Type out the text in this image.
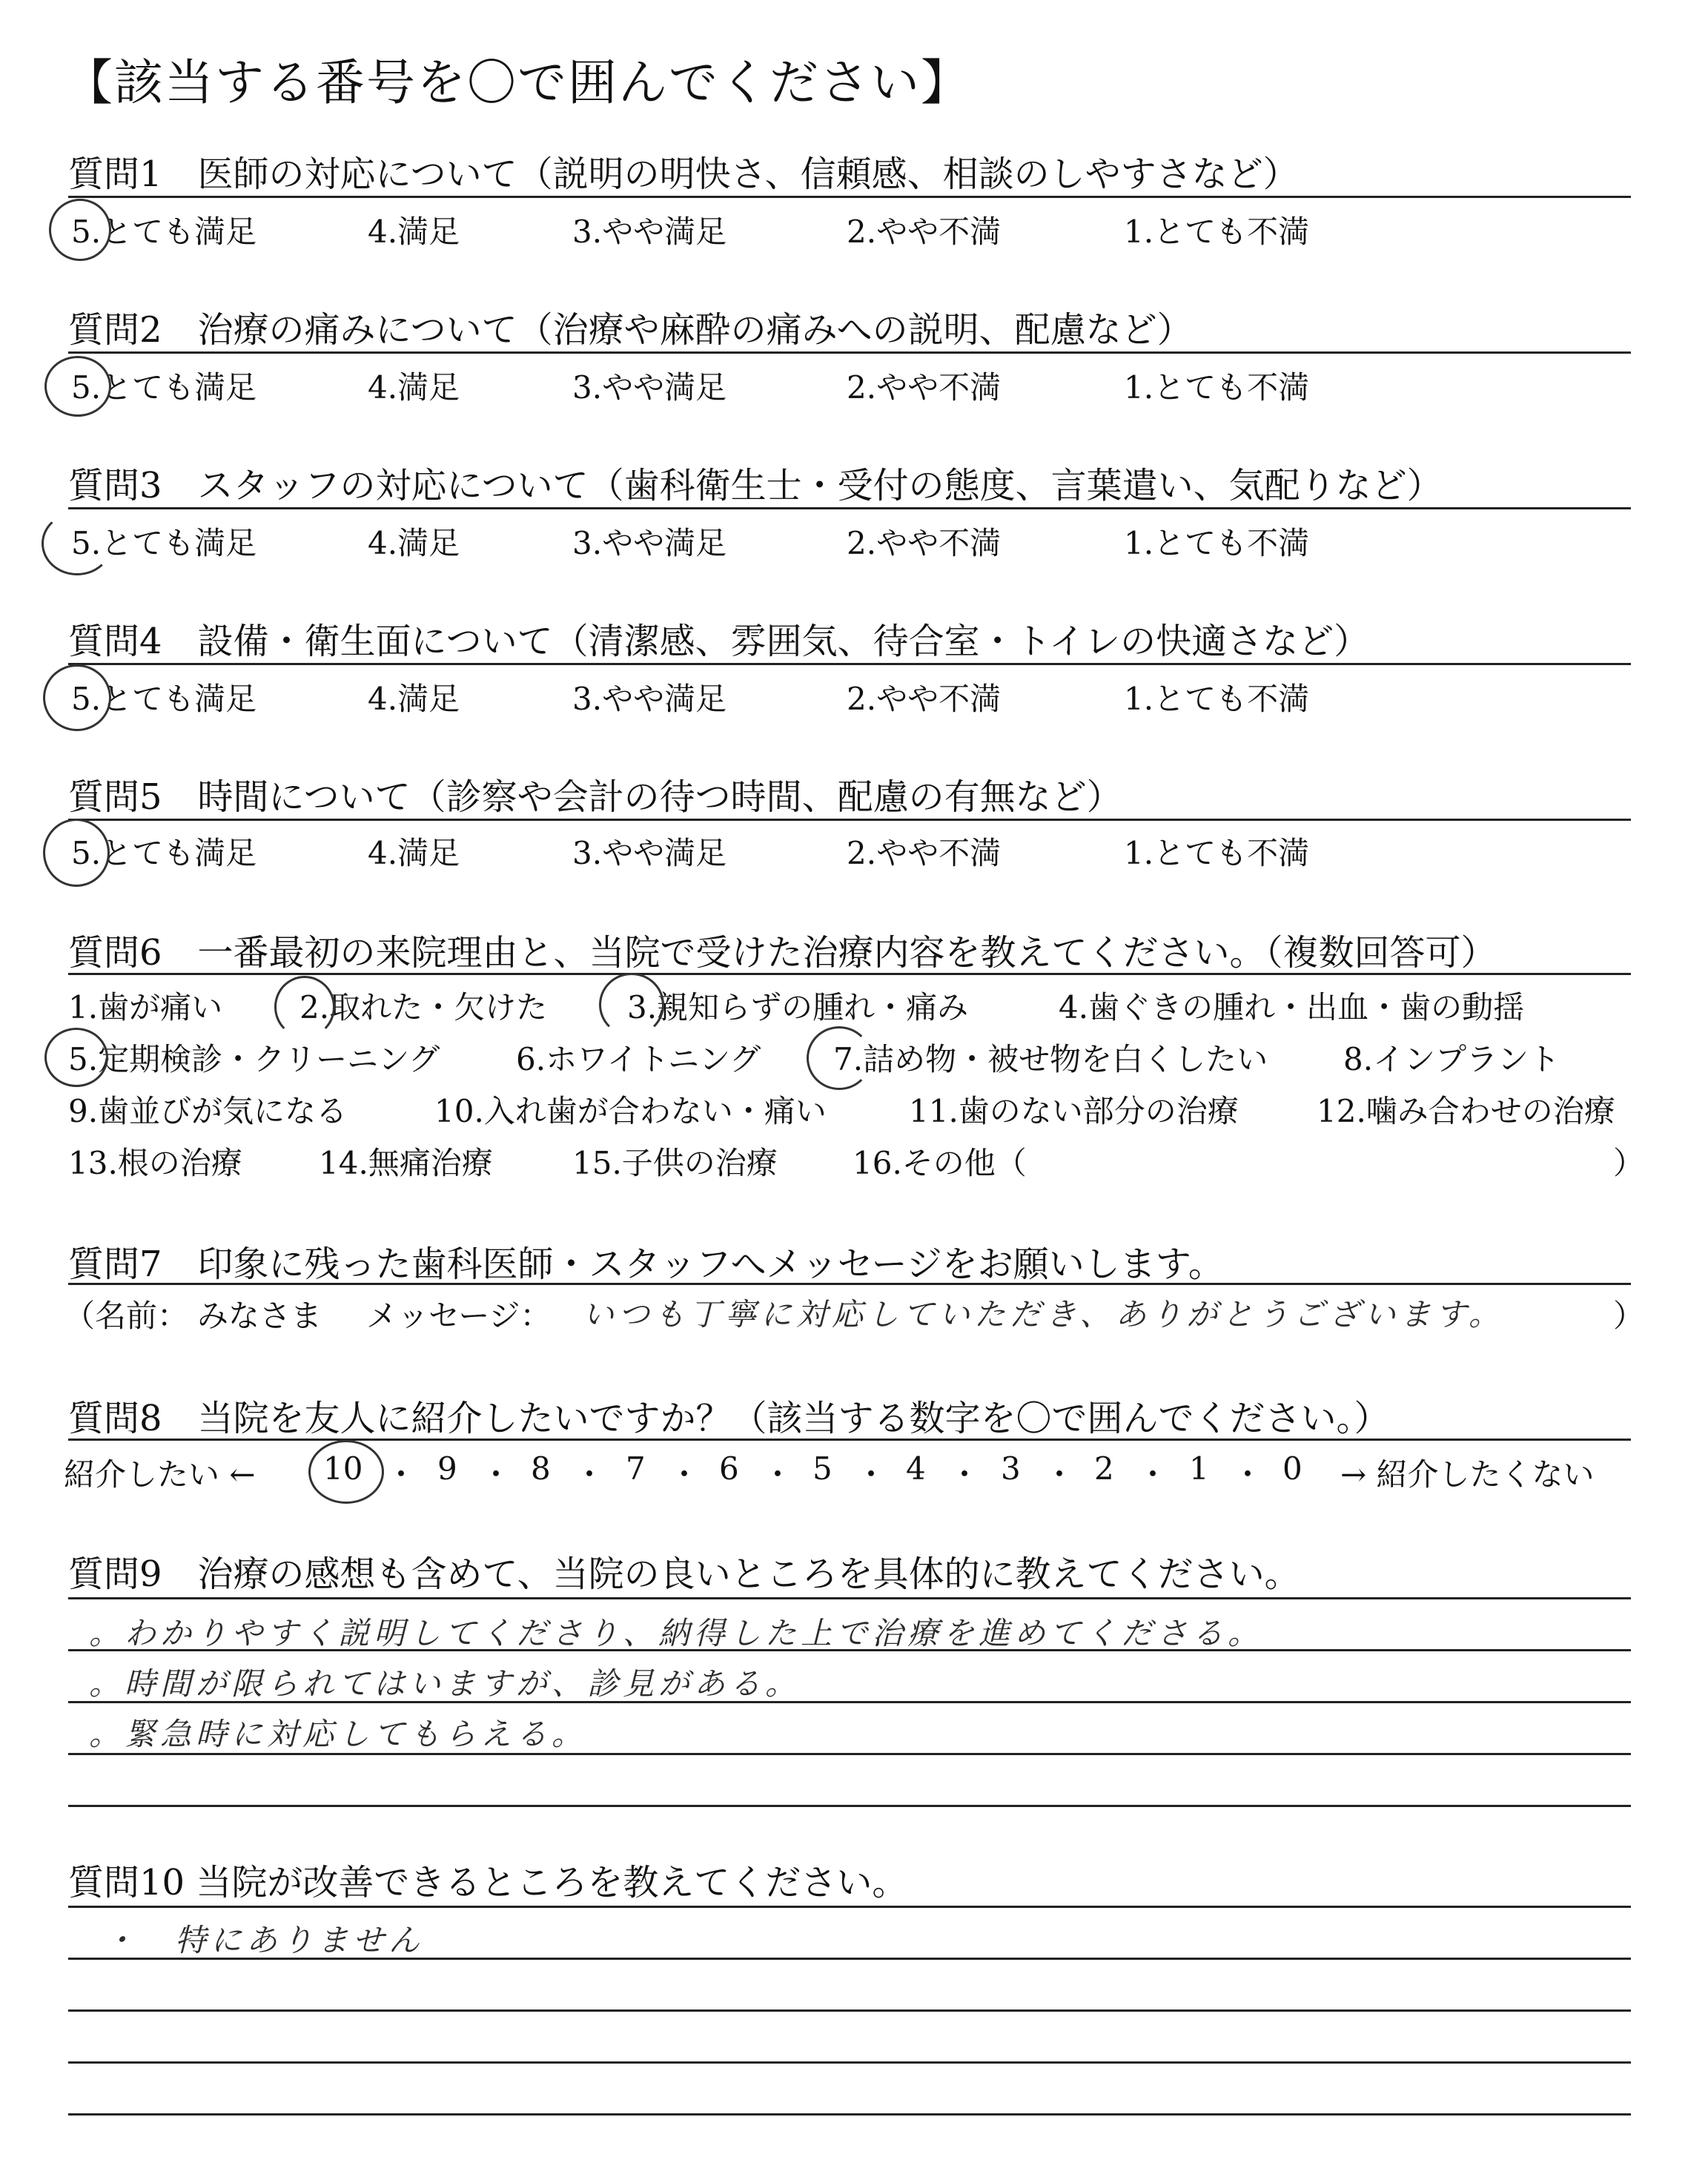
【該当する番号を〇で囲んでください】
質問1　医師の対応について（説明の明快さ、信頼感、相談のしやすさなど）
5.とても満足	4.満足	3.やや満足	2.やや不満	1.とても不満
質問2　治療の痛みについて（治療や麻酔の痛みへの説明、配慮など）
5.とても満足	4.満足	3.やや満足	2.やや不満	1.とても不満
質問3　スタッフの対応について（歯科衛生士・受付の態度、言葉遣い、気配りなど）
5.とても満足	4.満足	3.やや満足	2.やや不満	1.とても不満
質問4　設備・衛生面について（清潔感、雰囲気、待合室・トイレの快適さなど）
5.とても満足	4.満足	3.やや満足	2.やや不満	1.とても不満
質問5　時間について（診察や会計の待つ時間、配慮の有無など）
5.とても満足	4.満足	3.やや満足	2.やや不満	1.とても不満
質問6　一番最初の来院理由と、当院で受けた治療内容を教えてください。（複数回答可）
1.歯が痛い 2.取れた・欠けた	3.親知らずの腫れ・痛み	4.歯ぐきの腫れ・出血・歯の動揺
5.定期検診・クリーニング 6.ホワイトニング 7.詰め物・被せ物を白くしたい 8.インプラント
9.歯並びが気になる	10.入れ歯が合わない・痛い	11.歯のない部分の治療	12.噛み合わせの治療
13.根の治療 14.無痛治療	15.子供の治療 16.その他（	）
質問7　印象に残った歯科医師・スタッフへメッセージをお願いします。
（名前： みなさま メッセージ： いつも丁寧に対応していただき、ありがとうございます。	）
質問8　当院を友人に紹介したいですか？（該当する数字を〇で囲んでください。）
紹介したい ← 10 ・ 9 ・ 8 ・ 7 ・ 6 ・ 5 ・ 4 ・ 3 ・ 2 ・ 1 ・ 0 → 紹介したくない
質問9　治療の感想も含めて、当院の良いところを具体的に教えてください。
。わかりやすく説明してくださり、納得した上で治療を進めてくださる。
。時間が限られてはいますが、診見がある。
。緊急時に対応してもらえる。
質問10 当院が改善できるところを教えてください。
・　特にありません
